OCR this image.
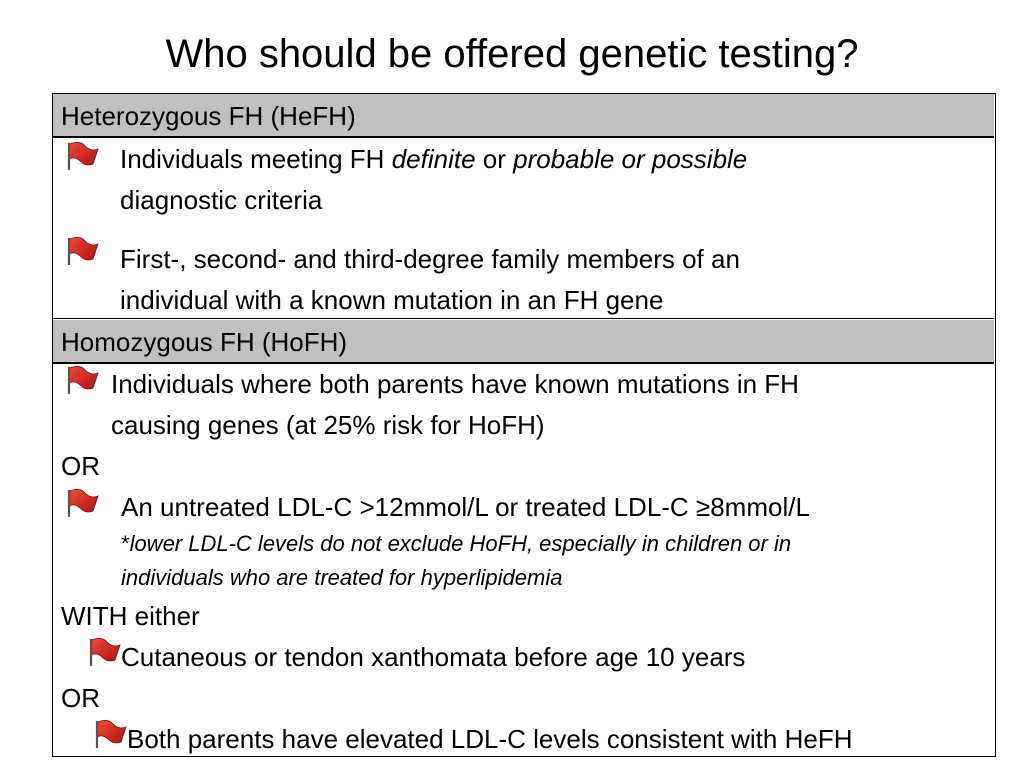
Who should be offered genetic testing?
Heterozygous FH (HeFH)
Individuals meeting FH definite or probable or possible
diagnostic criteria
First-, second- and third-degree family members of an
individual with a known mutation in an FH gene
Homozygous FH (HoFH)
Individuals where both parents have known mutations in FH
causing genes (at 25% risk for HoFH)
OR
An untreated LDL-C >12mmol/L or treated LDL-C ≥8mmol/L
*lower LDL-C levels do not exclude HoFH, especially in children or in
individuals who are treated for hyperlipidemia
WITH either
Cutaneous or tendon xanthomata before age 10 years
OR
Both parents have elevated LDL-C levels consistent with HeFH
